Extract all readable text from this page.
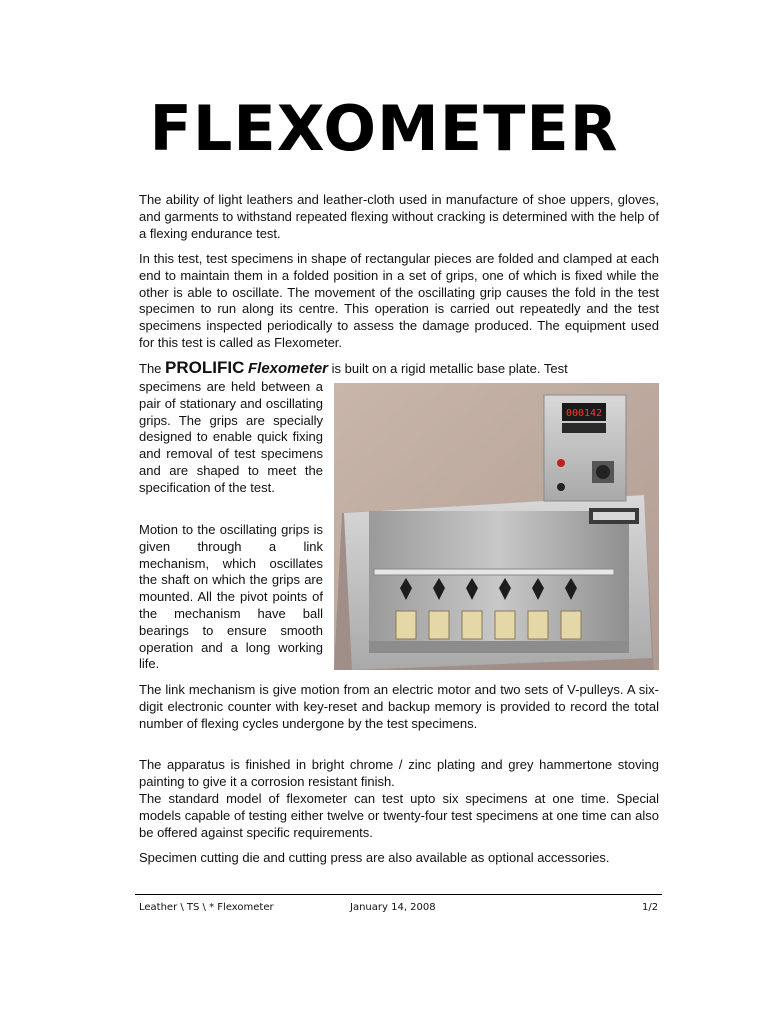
FLEXOMETER

The ability of light leathers and leather-cloth used in manufacture of shoe uppers, gloves, and garments to withstand repeated flexing without cracking is determined with the help of a flexing endurance test.

In this test, test specimens in shape of rectangular pieces are folded and clamped at each end to maintain them in a folded position in a set of grips, one of which is fixed while the other is able to oscillate. The movement of the oscillating grip causes the fold in the test specimen to run along its centre. This operation is carried out repeatedly and the test specimens inspected periodically to assess the damage produced. The equipment used for this test is called as Flexometer.

The PROLIFIC Flexometer is built on a rigid metallic base plate. Test

specimens are held between a pair of stationary and oscillating grips. The grips are specially designed to enable quick fixing and removal of test specimens and are shaped to meet the specification of the test.

Motion to the oscillating grips is given through a link mechanism, which oscillates the shaft on which the grips are mounted. All the pivot points of the mechanism have ball bearings to ensure smooth operation and a long working life.

000142

The link mechanism is give motion from an electric motor and two sets of V-pulleys. A six-digit electronic counter with key-reset and backup memory is provided to record the total number of flexing cycles undergone by the test specimens.

The apparatus is finished in bright chrome / zinc plating and grey hammertone stoving painting to give it a corrosion resistant finish.

The standard model of flexometer can test upto six specimens at one time. Special models capable of testing either twelve or twenty-four test specimens at one time can also be offered against specific requirements.

Specimen cutting die and cutting press are also available as optional accessories.

Leather \ TS \ * Flexometer	January 14, 2008	1/2
